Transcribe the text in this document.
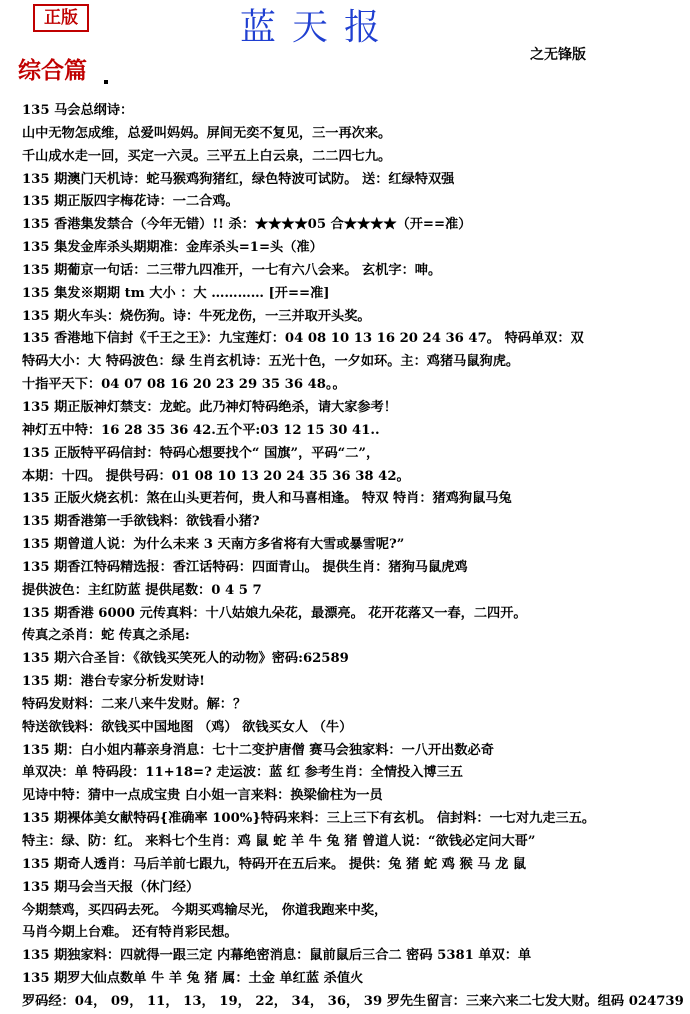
正版	蓝天报
之无锋版
综合篇
135 马会总纲诗：
山中无物怎成维，总爱叫妈妈。屏间无奕不复见，三一再次来。
千山成水走一回，买定一六灵。三平五上白云泉，二二四七九。
135 期澳门天机诗：蛇马猴鸡狗猪红，绿色特波可试防。 送：红绿特双强
135 期正版四字梅花诗：一二合鸡。
135 香港集发禁合（今年无错）!! 杀：★★★★05 合★★★★（开==准）
135 集发金库杀头期期准：金库杀头=1=头（准）
135 期葡京一句话：二三带九四准开，一七有六八会来。 玄机字：呻。
135 集发※期期 tm 大小 ：大 ………… [开==准]
135 期火车头：烧伤狗。诗：牛死龙伤，一三并取开头奖。
135 香港地下信封《千王之王》：九宝莲灯：04 08 10 13 16 20 24 36 47。 特码单双：双
特码大小：大 特码波色：绿 生肖玄机诗：五光十色，一夕如环。主：鸡猪马鼠狗虎。
十指平天下：04 07 08 16 20 23 29 35 36 48。。
135 期正版神灯禁支：龙蛇。此乃神灯特码绝杀，请大家参考！
神灯五中特：16 28 35 36 42.五个平:03 12 15 30 41..
135 正版特平码信封：特码心想要找个“ 国旗”，平码“二”，
本期：十四。 提供号码：01 08 10 13 20 24 35 36 38 42。
135 正版火烧玄机：煞在山头更若何，贵人和马喜相逢。 特双 特肖：猪鸡狗鼠马兔
135 期香港第一手欲钱料：欲钱看小猪?
135 期曾道人说：为什么未来 3 天南方多省将有大雪或暴雪呢?”
135 期香江特码精选报：香江话特码：四面青山。 提供生肖：猪狗马鼠虎鸡
提供波色：主红防蓝 提供尾数：0 4 5 7
135 期香港 6000 元传真料：十八姑娘九朵花，最漂亮。 花开花落又一春，二四开。
传真之杀肖：蛇 传真之杀尾:
135 期六合圣旨：《欲钱买笑死人的动物》密码:62589
135 期：港台专家分析发财诗!
特码发财料：二来八来牛发财。解：？
特送欲钱料：欲钱买中国地图 （鸡） 欲钱买女人 （牛）
135 期：白小姐内幕亲身消息：七十二变护唐僧 赛马会独家料：一八开出数必奇
单双决：单 特码段：11+18=? 走运波：蓝 红 参考生肖：全情投入博三五
见诗中特：猜中一点成宝贵 白小姐一言来料：换梁偷柱为一员
135 期裸体美女献特码{准确率 100%}特码来料：三上三下有玄机。 信封料：一七对九走三五。
特主：绿、防：红。 来料七个生肖：鸡 鼠 蛇 羊 牛 兔 猪 曾道人说：“欲钱必定问大哥”
135 期奇人透肖：马后羊前七跟九，特码开在五后来。 提供：兔 猪 蛇 鸡 猴 马 龙 鼠
135 期马会当天报（休门经）
今期禁鸡，买四码去死。 今期买鸡输尽光， 你道我跑来中奖，
马肖今期上台难。 还有特肖彩民想。
135 期独家料：四就得一跟三定 内幕绝密消息：鼠前鼠后三合二 密码 5381 单双：单
135 期罗大仙点数单 牛 羊 兔 猪 属：土金 单红蓝 杀值火
罗码经：04， 09， 11， 13， 19， 22， 34， 36， 39 罗先生留言：三来六来二七发大财。组码 024739
